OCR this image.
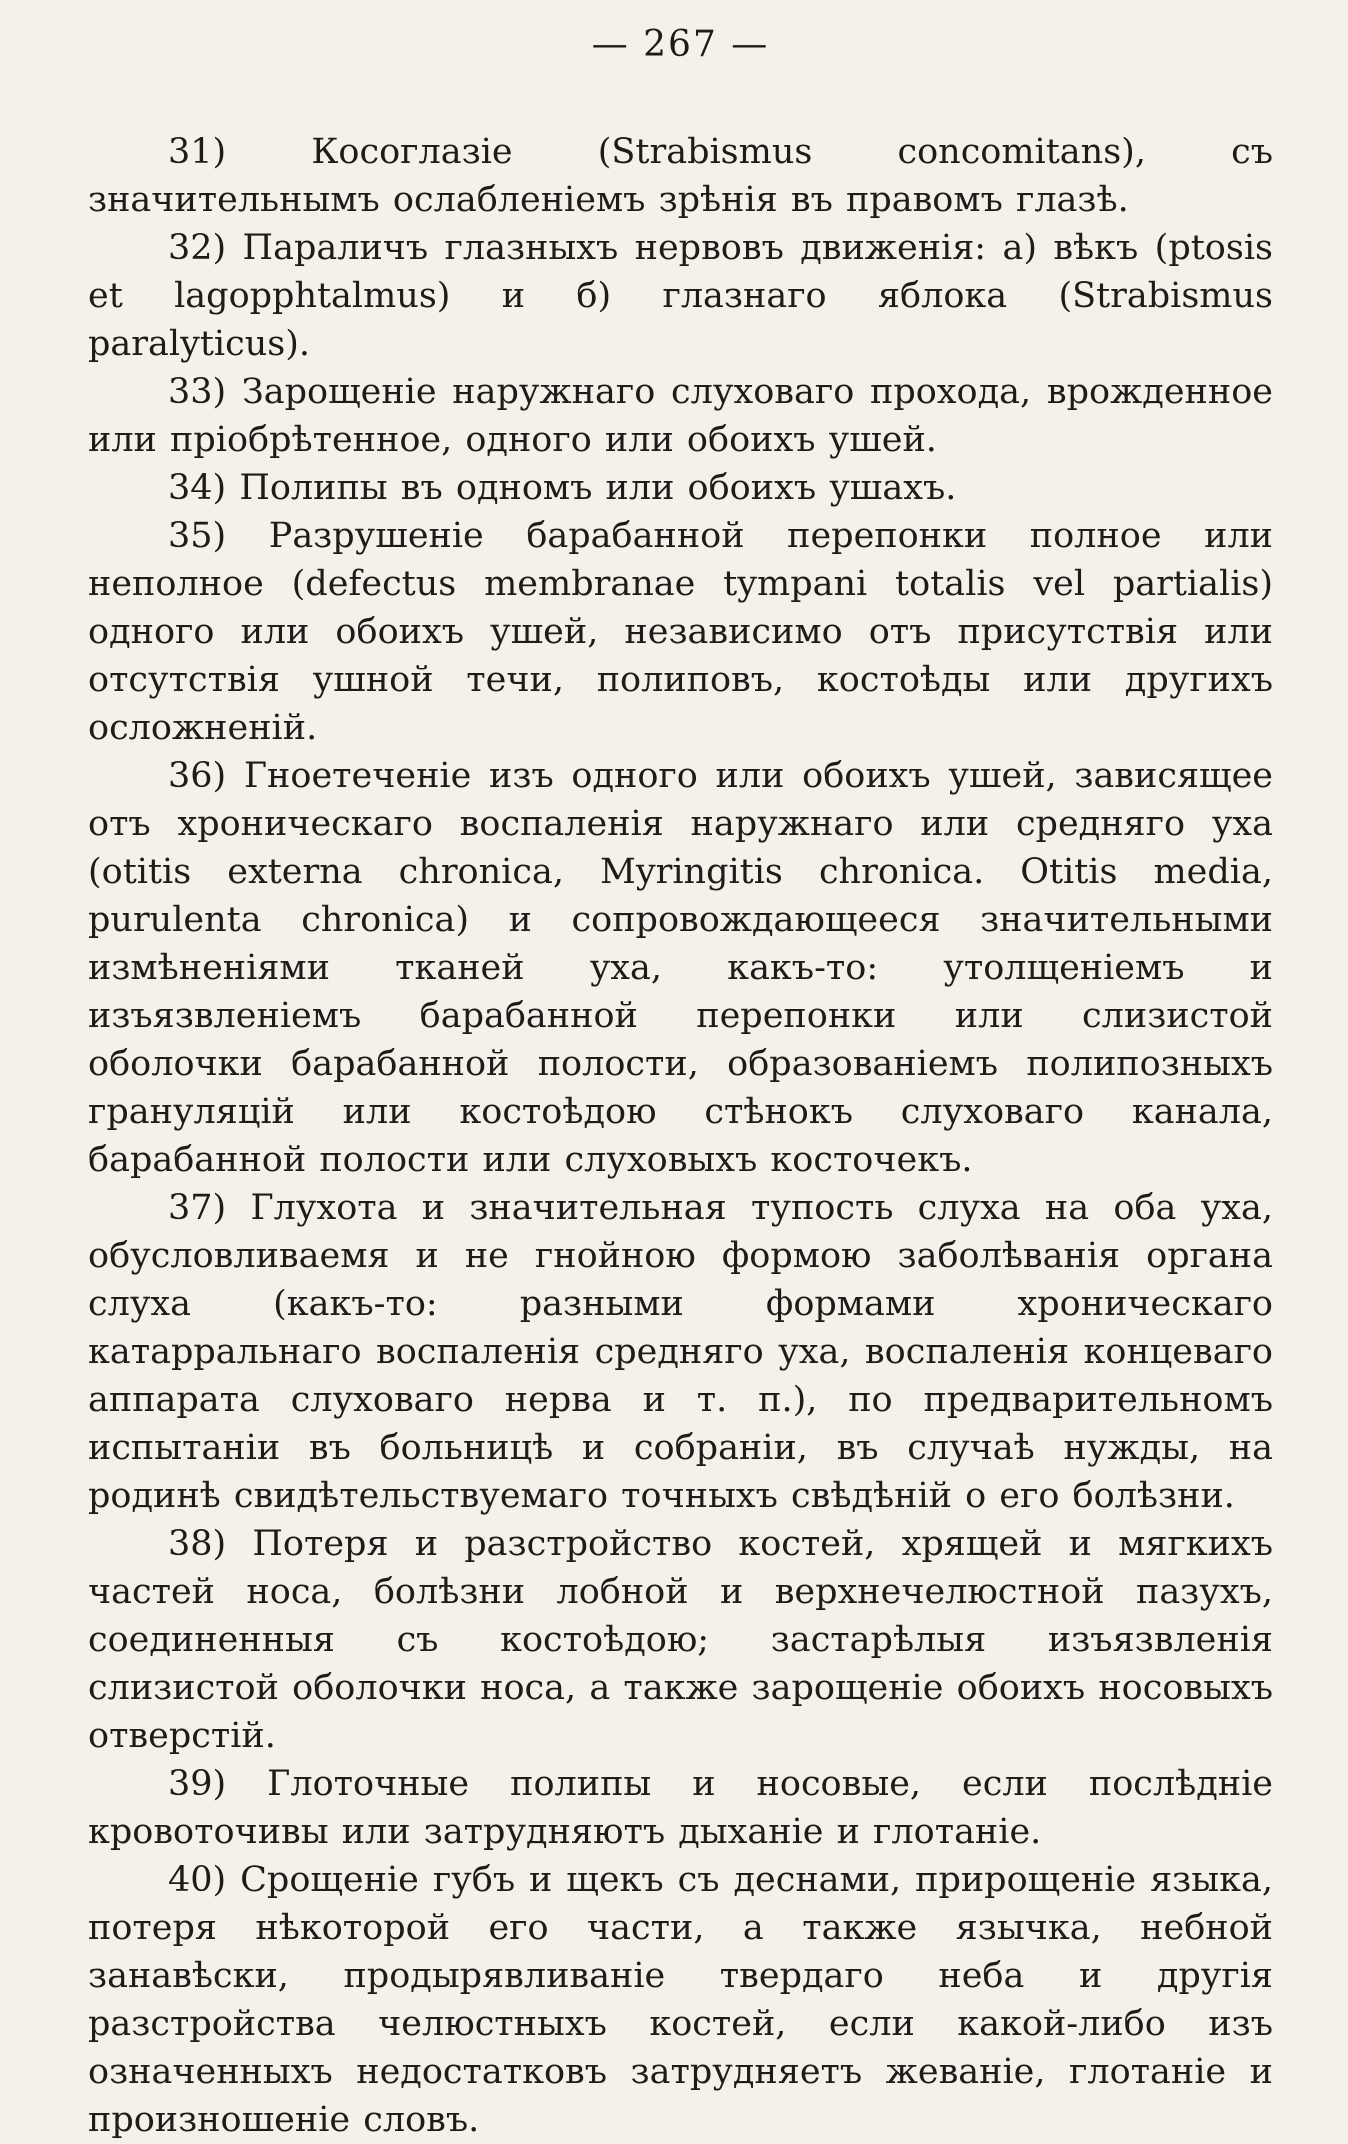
— 267 —

31) Косоглазіе (Strabismus concomitans), съ значительнымъ ослабленіемъ зрѣнія въ правомъ глазѣ.

32) Параличъ глазныхъ нервовъ движенія: а) вѣкъ (ptosis et lagopphtalmus) и б) глазнаго яблока (Strabismus paralyticus).

33) Зарощеніе наружнаго слуховаго прохода, врожденное или пріобрѣтенное, одного или обоихъ ушей.

34) Полипы въ одномъ или обоихъ ушахъ.

35) Разрушеніе барабанной перепонки полное или неполное (defectus membranae tympani totalis vel partialis) одного или обоихъ ушей, независимо отъ присутствія или отсутствія ушной течи, полиповъ, костоѣды или другихъ осложненій.

36) Гноетеченіе изъ одного или обоихъ ушей, зависящее отъ хроническаго воспаленія наружнаго или средняго уха (otitis externa chronica, Myringitis chronica. Otitis media, purulenta chronica) и сопровождающееся значительными измѣненіями тканей уха, какъ-то: утолщеніемъ и изъязвленіемъ барабанной перепонки или слизистой оболочки барабанной полости, образованіемъ полипозныхъ грануляцій или костоѣдою стѣнокъ слуховаго канала, барабанной полости или слуховыхъ косточекъ.

37) Глухота и значительная тупость слуха на оба уха, обусловливаемя и не гнойною формою заболѣванія органа слуха (какъ-то: разными формами хроническаго катарральнаго воспаленія средняго уха, воспаленія концеваго аппарата слуховаго нерва и т. п.), по предварительномъ испытаніи въ больницѣ и собраніи, въ случаѣ нужды, на родинѣ свидѣтельствуемаго точныхъ свѣдѣній о его болѣзни.

38) Потеря и разстройство костей, хрящей и мягкихъ частей носа, болѣзни лобной и верхнечелюстной пазухъ, соединенныя съ костоѣдою; застарѣлыя изъязвленія слизистой оболочки носа, а также зарощеніе обоихъ носовыхъ отверстій.

39) Глоточные полипы и носовые, если послѣдніе кровоточивы или затрудняютъ дыханіе и глотаніе.

40) Срощеніе губъ и щекъ съ деснами, прирощеніе языка, потеря нѣкоторой его части, а также язычка, небной занавѣски, продырявливаніе твердаго неба и другія разстройства челюстныхъ костей, если какой-либо изъ означенныхъ недостатковъ затрудняетъ жеваніе, глотаніе и произношеніе словъ.
